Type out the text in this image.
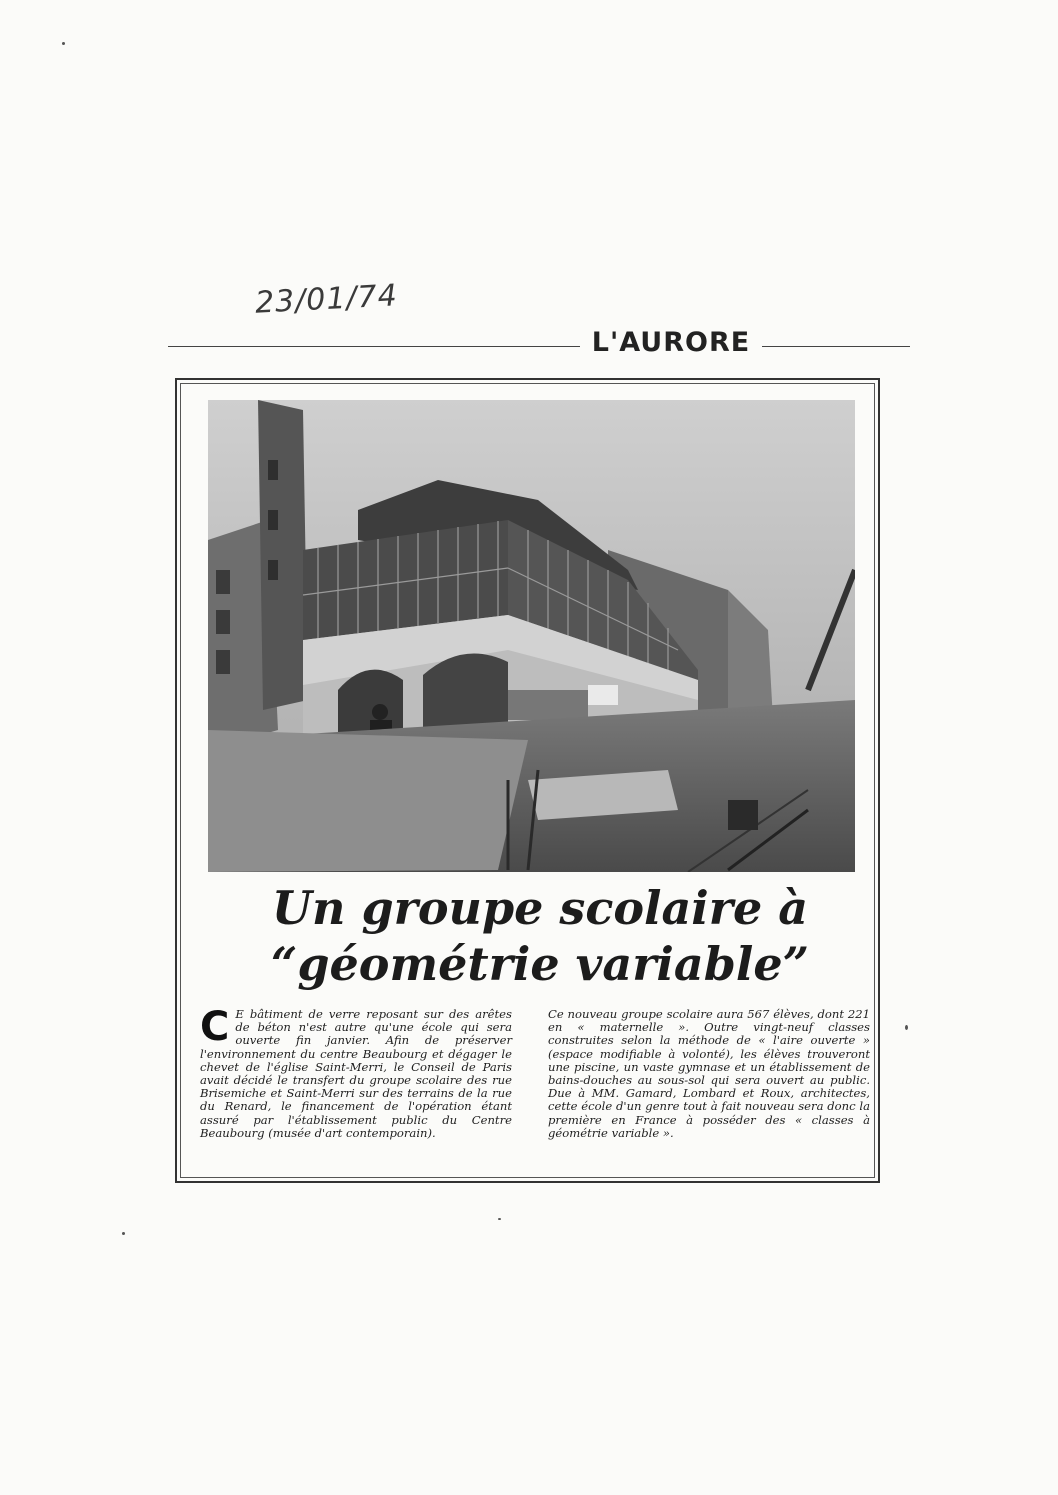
23/01/74
L'AURORE
Un groupe scolaire à
“géométrie variable”
C E bâtiment de verre reposant sur des arêtes de béton n'est autre qu'une école qui sera ouverte fin janvier. Afin de préserver l'environnement du centre Beaubourg et dégager le chevet de l'église Saint-Merri, le Conseil de Paris avait décidé le transfert du groupe scolaire des rue Brisemiche et Saint-Merri sur des terrains de la rue du Renard, le financement de l'opération étant assuré par l'établissement public du Centre Beaubourg (musée d'art contemporain).
Ce nouveau groupe scolaire aura 567 élèves, dont 221 en « maternelle ». Outre vingt-neuf classes construites selon la méthode de « l'aire ouverte » (espace modifiable à volonté), les élèves trouveront une piscine, un vaste gymnase et un établissement de bains-douches au sous-sol qui sera ouvert au public. Due à MM. Gamard, Lombard et Roux, architectes, cette école d'un genre tout à fait nouveau sera donc la première en France à posséder des « classes à géométrie variable ».
